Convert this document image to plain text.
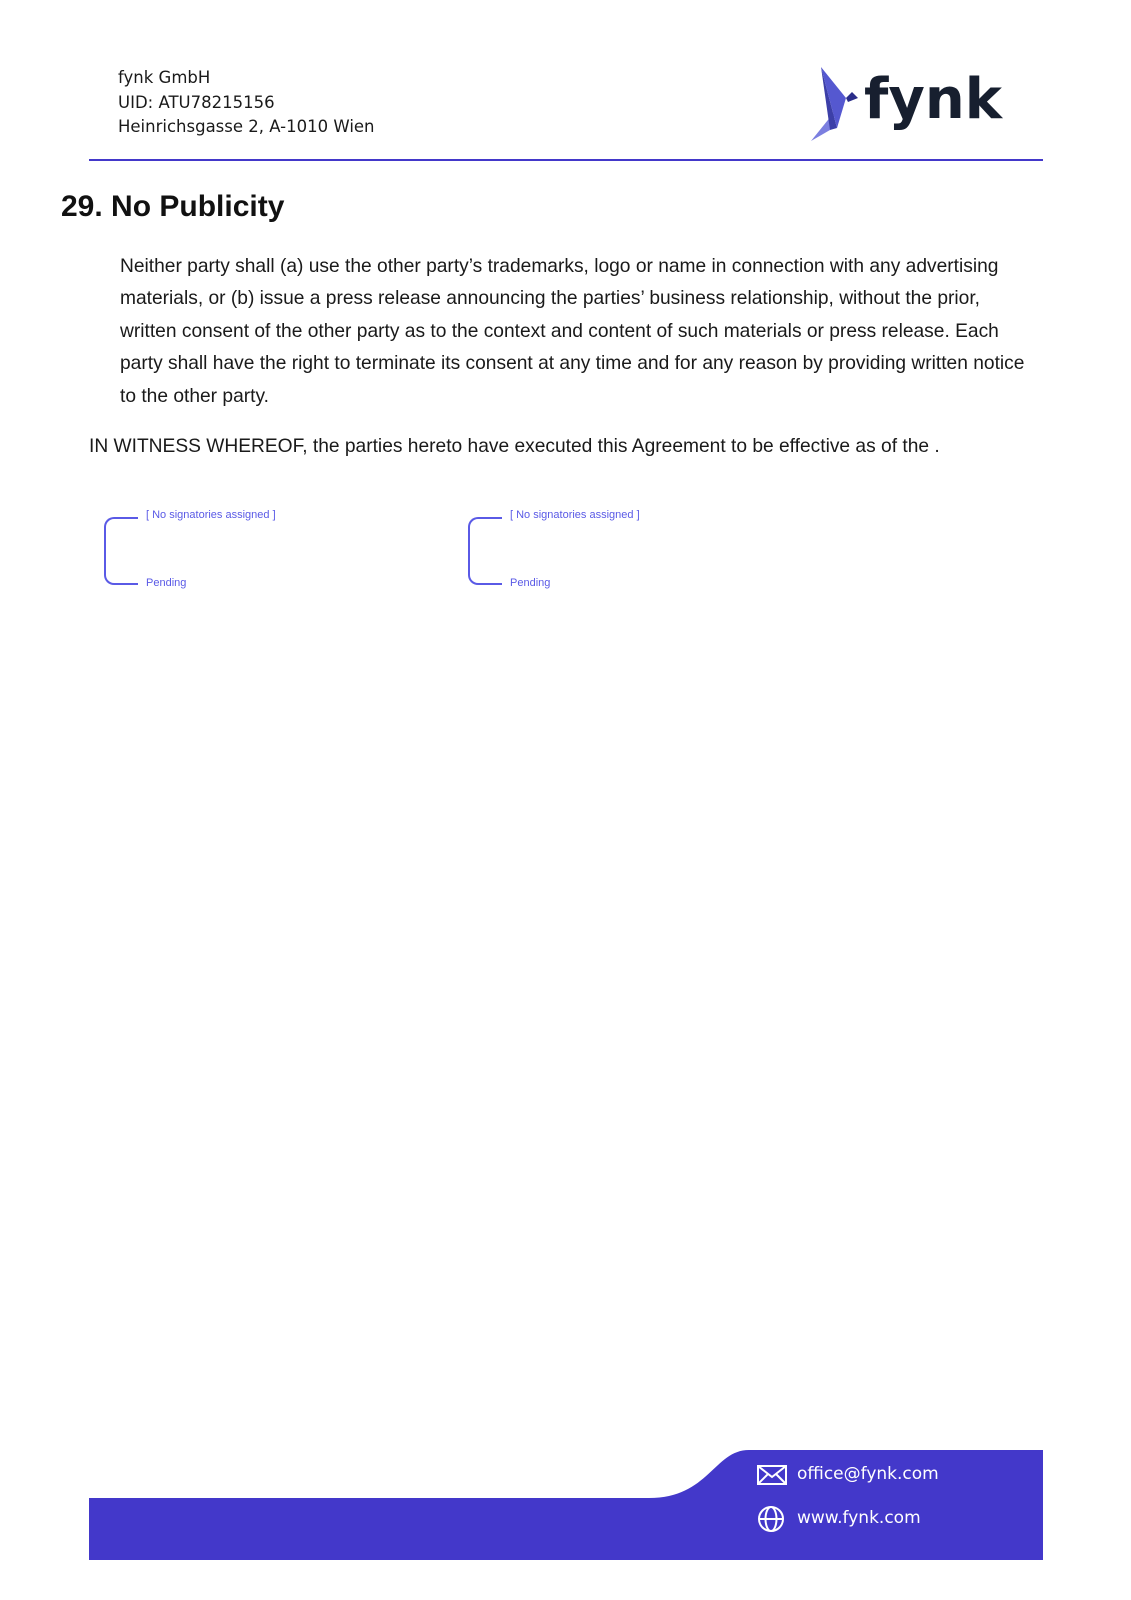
fynk GmbH
UID: ATU78215156
Heinrichsgasse 2, A-1010 Wien	fynk
29. No Publicity
Neither party shall (a) use the other party’s trademarks, logo or name in connection with any advertising materials, or (b) issue a press release announcing the parties’ business relationship, without the prior, written consent of the other party as to the context and content of such materials or press release. Each party shall have the right to terminate its consent at any time and for any reason by providing written notice to the other party.
IN WITNESS WHEREOF, the parties hereto have executed this Agreement to be effective as of the .
[ No signatories assigned ]
Pending
[ No signatories assigned ]
Pending
office@fynk.com
www.fynk.com
